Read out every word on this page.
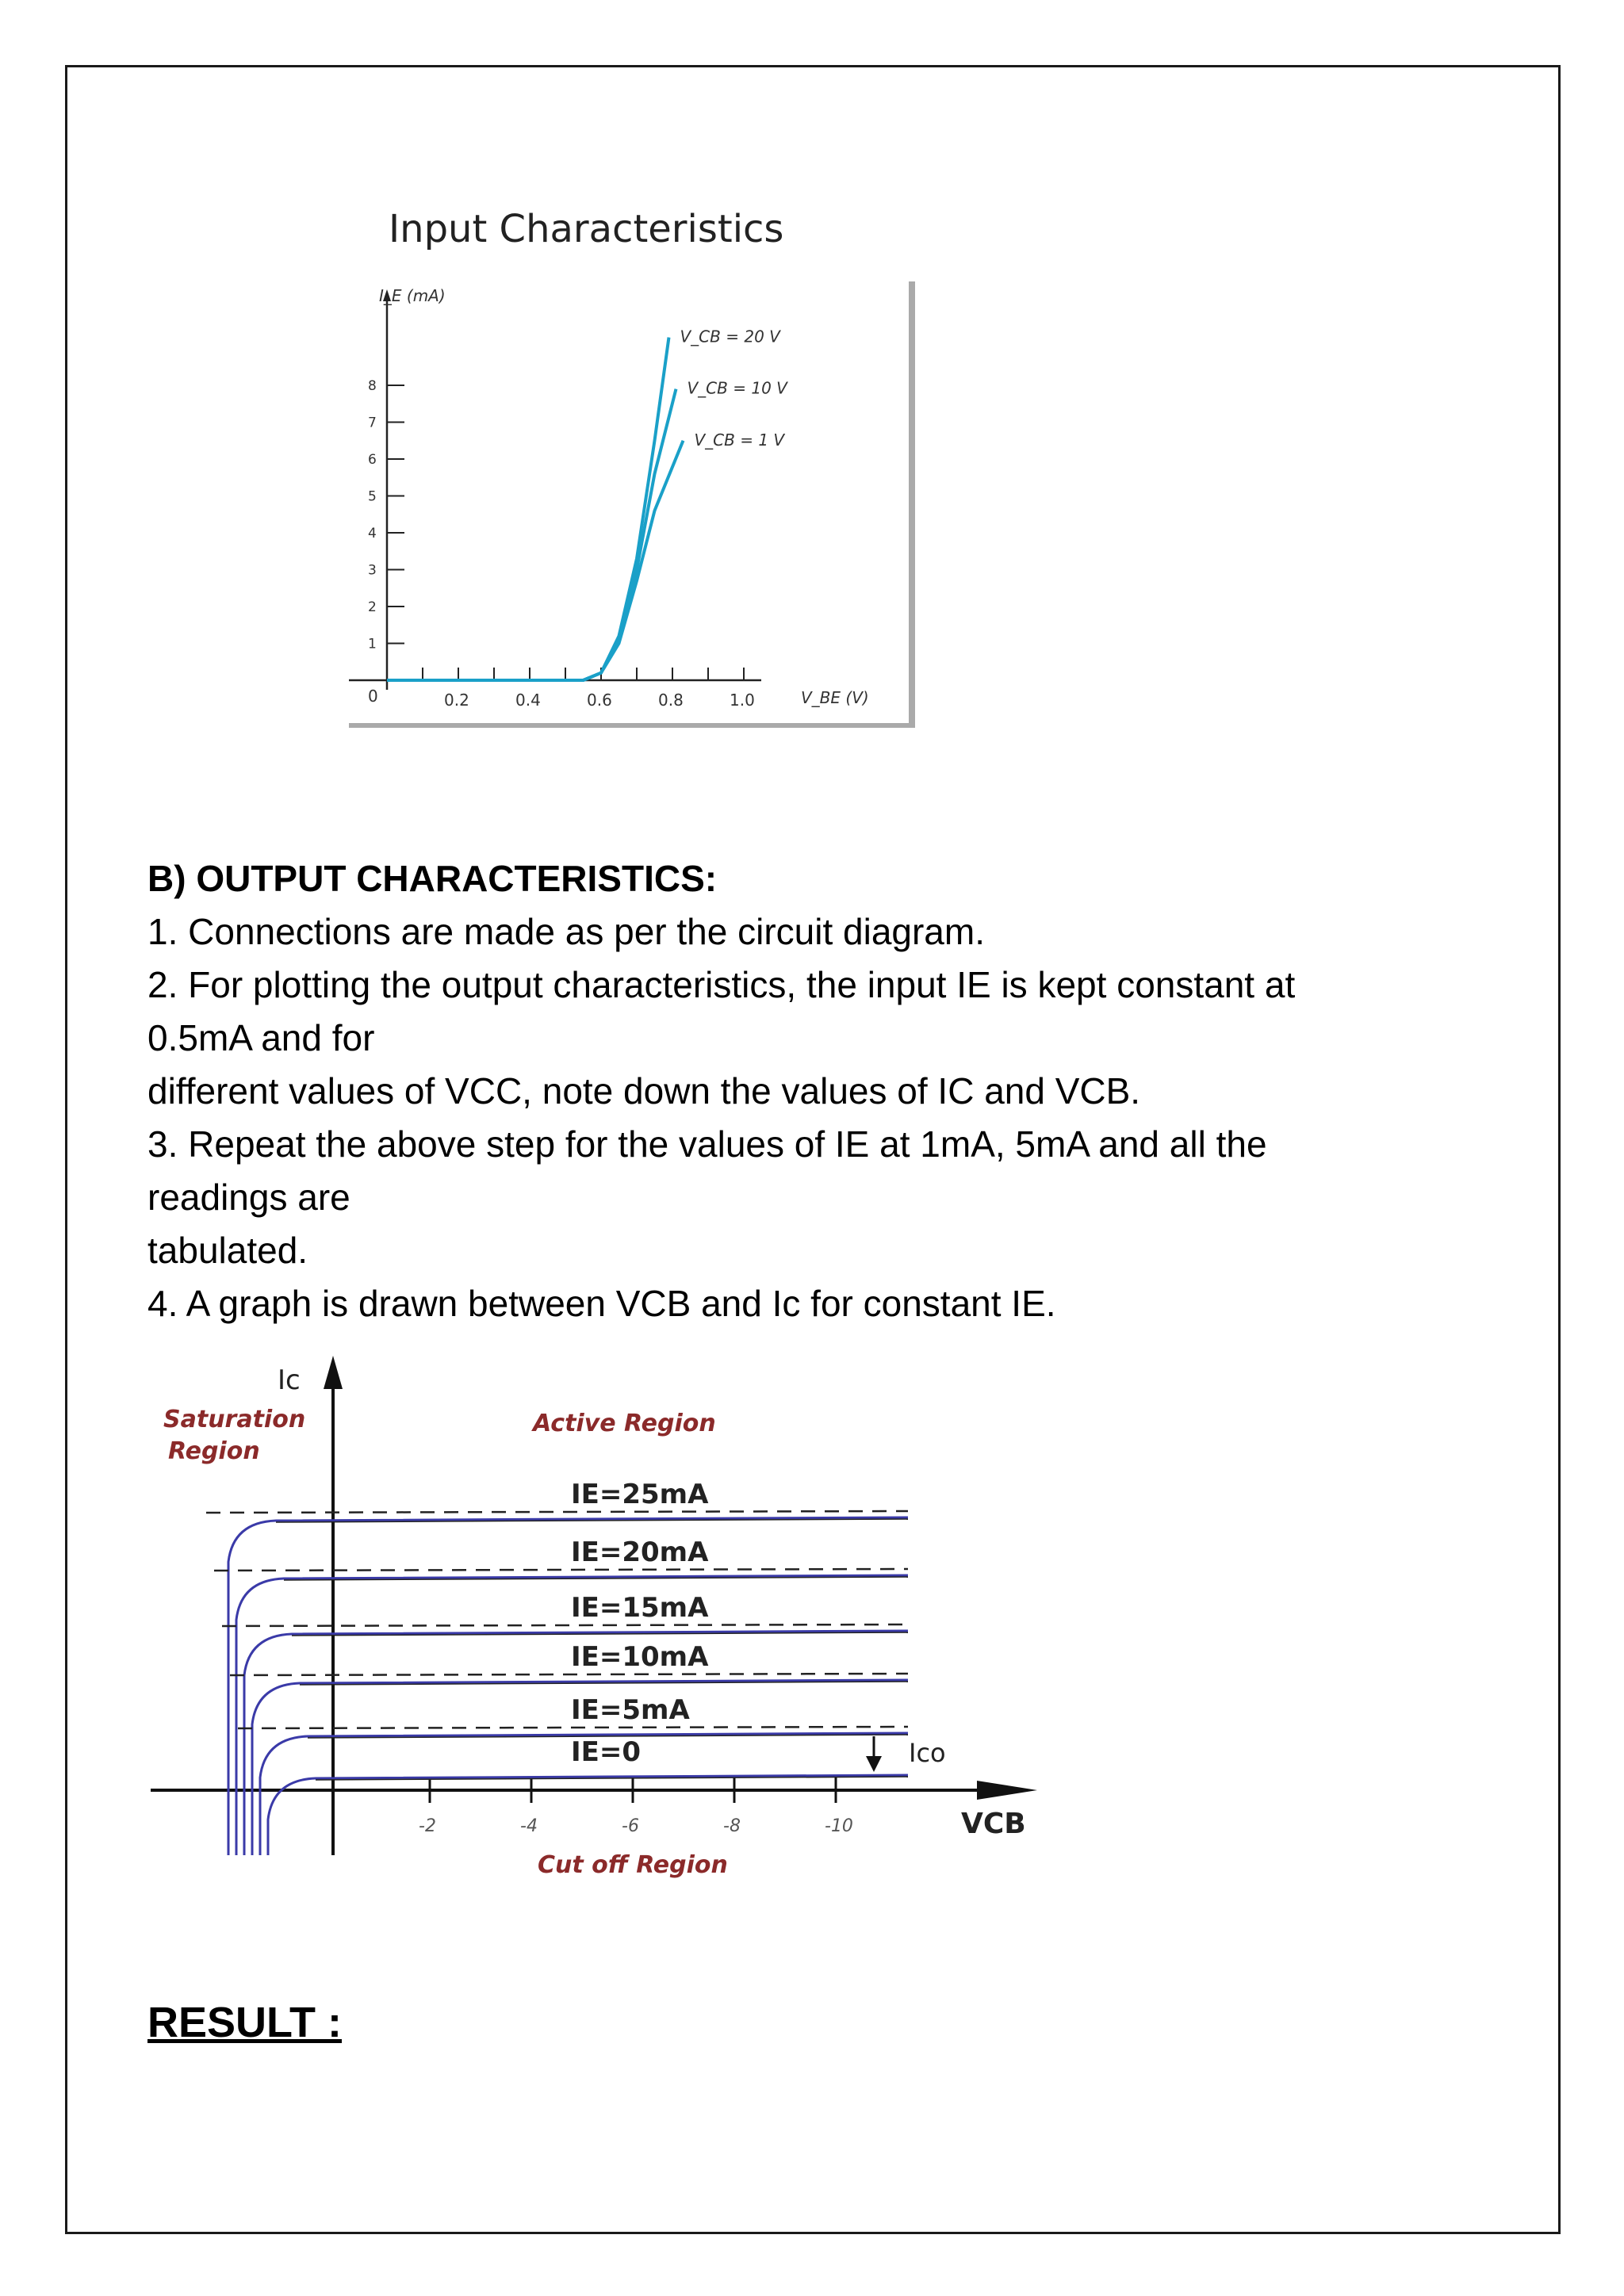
Input Characteristics
1
2
3
4
5
6
7
8
0.2	0.4	0.6	0.8	1.0
I_E (mA)
V_BE (V)
0
V_CB = 20 V
V_CB = 10 V
V_CB = 1 V
B) OUTPUT CHARACTERISTICS:
1. Connections are made as per the circuit diagram.
2. For plotting the output characteristics, the input IE is kept constant at
0.5mA and for
different values of VCC, note down the values of IC and VCB.
3. Repeat the above step for the values of IE at 1mA, 5mA and all the
readings are
tabulated.
4. A graph is drawn between VCB and Ic for constant IE.
-2	-4	-6	-8	-10
IE=25mA
IE=20mA
IE=15mA
IE=10mA
IE=5mA
IE=0
Ic
VCB
Saturation
Region
Active Region
Cut off Region
Ico
RESULT :
